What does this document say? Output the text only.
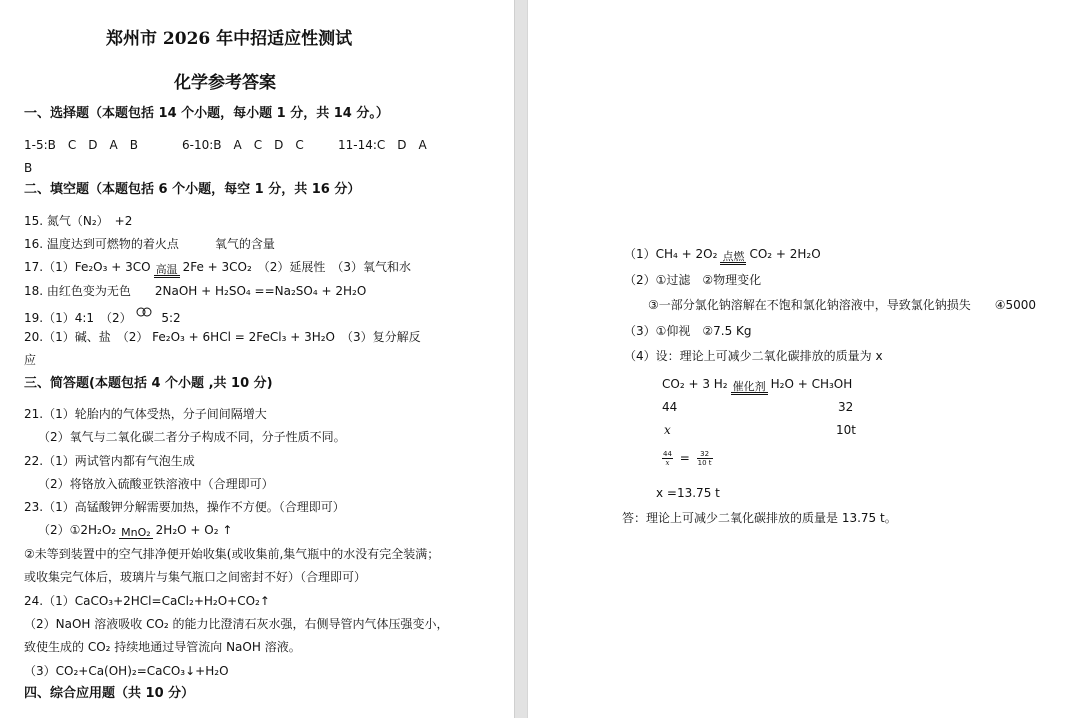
郑州市 2026 年中招适应性测试
化学参考答案
一、选择题（本题包括 14 个小题，每小题 1 分，共 14 分。）
1-5:B　C　D　A　B	6-10:B　A　C　D　C	11-14:C　D　A
B
二、填空题（本题包括 6 个小题，每空 1 分，共 16 分）
15. 氮气（N₂）　+2
16. 温度达到可燃物的着火点　　　氧气的含量
17.（1）Fe₂O₃ + 3CO 高温 2Fe + 3CO₂　（2）延展性　（3）氧气和水
18. 由红色变为无色　　2NaOH + H₂SO₄ ==Na₂SO₄ + 2H₂O
19.（1）4:1　（2） 5:2
20.（1）碱、盐　（2） Fe₂O₃ + 6HCl = 2FeCl₃ + 3H₂O　（3）复分解反
应
三、简答题(本题包括 4 个小题 ,共 10 分)
21.（1）轮胎内的气体受热，分子间间隔增大
（2）氧气与二氧化碳二者分子构成不同，分子性质不同。
22.（1）两试管内都有气泡生成
（2）将铬放入硫酸亚铁溶液中（合理即可）
23.（1）高锰酸钾分解需要加热，操作不方便。（合理即可）
（2）①2H₂O₂ MnO₂ 2H₂O + O₂ ↑
②未等到装置中的空气排净便开始收集(或收集前,集气瓶中的水没有完全装满；
或收集完气体后，玻璃片与集气瓶口之间密封不好）（合理即可）
24.（1）CaCO₃+2HCl=CaCl₂+H₂O+CO₂↑
（2）NaOH 溶液吸收 CO₂ 的能力比澄清石灰水强，右侧导管内气体压强变小，
致使生成的 CO₂ 持续地通过导管流向 NaOH 溶液。
（3）CO₂+Ca(OH)₂=CaCO₃↓+H₂O
四、综合应用题（共 10 分）
（1）CH₄ + 2O₂ 点燃 CO₂ + 2H₂O
（2）①过滤　②物理变化
③一部分氯化钠溶解在不饱和氯化钠溶液中，导致氯化钠损失　　④5000
（3）①仰视　②7.5 Kg
（4）设：理论上可减少二氧化碳排放的质量为 x
CO₂ + 3 H₂ 催化剂 H₂O + CH₃OH
44	32
x	10t
$\frac{44}{x} = \frac{32}{10 t}$
x =13.75 t
答：理论上可减少二氧化碳排放的质量是 13.75 t。
